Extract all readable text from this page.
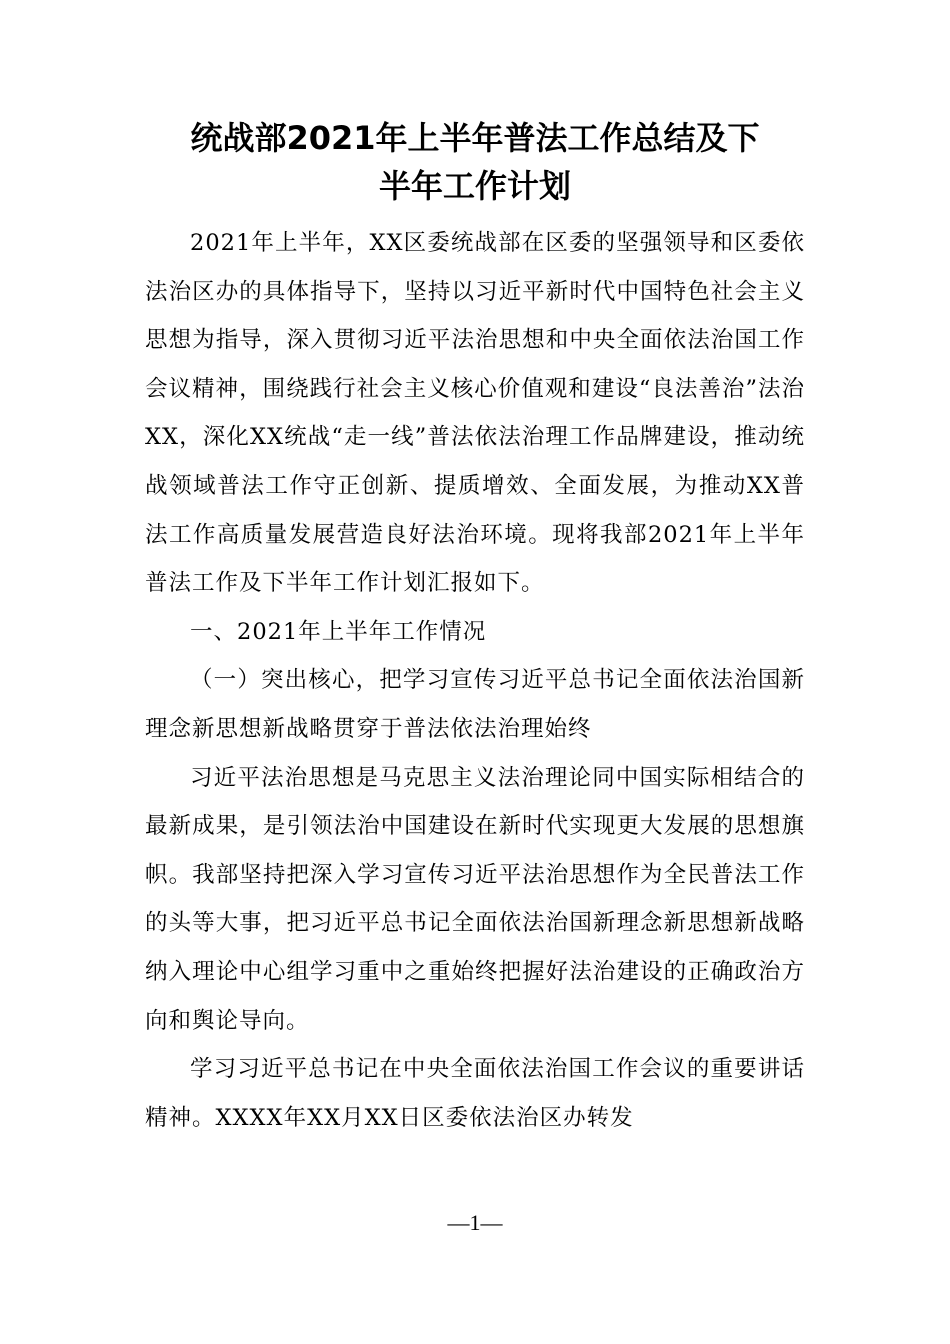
统战部2021年上半年普法工作总结及下
半年工作计划

2021年上半年，XX区委统战部在区委的坚强领导和区委依法治区办的具体指导下，坚持以习近平新时代中国特色社会主义思想为指导，深入贯彻习近平法治思想和中央全面依法治国工作会议精神，围绕践行社会主义核心价值观和建设“良法善治”法治XX，深化XX统战“走一线”普法依法治理工作品牌建设，推动统战领域普法工作守正创新、提质增效、全面发展，为推动XX普法工作高质量发展营造良好法治环境。现将我部2021年上半年普法工作及下半年工作计划汇报如下。

一、2021年上半年工作情况

（一）突出核心，把学习宣传习近平总书记全面依法治国新理念新思想新战略贯穿于普法依法治理始终

习近平法治思想是马克思主义法治理论同中国实际相结合的最新成果，是引领法治中国建设在新时代实现更大发展的思想旗帜。我部坚持把深入学习宣传习近平法治思想作为全民普法工作的头等大事，把习近平总书记全面依法治国新理念新思想新战略纳入理论中心组学习重中之重始终把握好法治建设的正确政治方向和舆论导向。

学习习近平总书记在中央全面依法治国工作会议的重要讲话精神。XXXX年XX月XX日区委依法治区办转发

—1—
